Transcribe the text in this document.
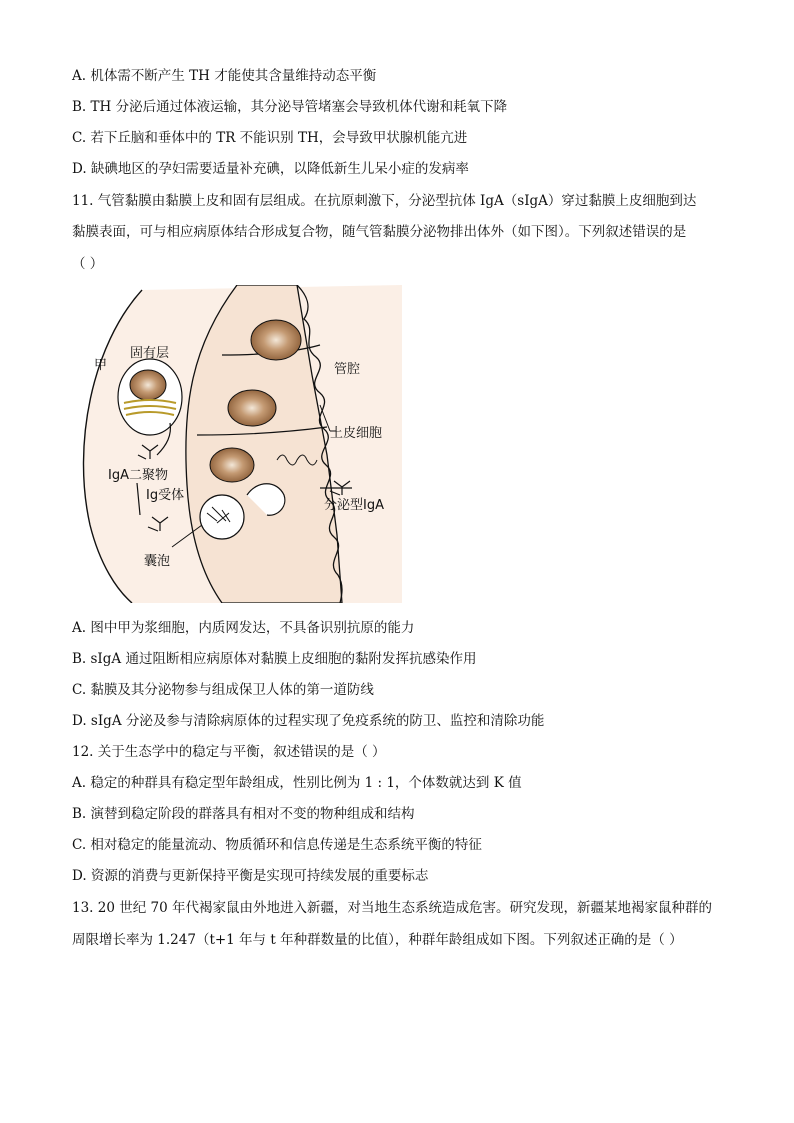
A. 机体需不断产生 TH 才能使其含量维持动态平衡
B. TH 分泌后通过体液运输，其分泌导管堵塞会导致机体代谢和耗氧下降
C. 若下丘脑和垂体中的 TR 不能识别 TH，会导致甲状腺机能亢进
D. 缺碘地区的孕妇需要适量补充碘，以降低新生儿呆小症的发病率
11. 气管黏膜由黏膜上皮和固有层组成。在抗原刺激下，分泌型抗体 IgA（sIgA）穿过黏膜上皮细胞到达
黏膜表面，可与相应病原体结合形成复合物，随气管黏膜分泌物排出体外（如下图）。下列叙述错误的是
（ ）
甲
固有层
管腔
上皮细胞
IgA二聚物
Ig受体
分泌型IgA
囊泡
A. 图中甲为浆细胞，内质网发达，不具备识别抗原的能力
B. sIgA 通过阻断相应病原体对黏膜上皮细胞的黏附发挥抗感染作用
C. 黏膜及其分泌物参与组成保卫人体的第一道防线
D. sIgA 分泌及参与清除病原体的过程实现了免疫系统的防卫、监控和清除功能
12. 关于生态学中的稳定与平衡，叙述错误的是（ ）
A. 稳定的种群具有稳定型年龄组成，性别比例为 1 : 1，个体数就达到 K 值
B. 演替到稳定阶段的群落具有相对不变的物种组成和结构
C. 相对稳定的能量流动、物质循环和信息传递是生态系统平衡的特征
D. 资源的消费与更新保持平衡是实现可持续发展的重要标志
13. 20 世纪 70 年代褐家鼠由外地进入新疆，对当地生态系统造成危害。研究发现，新疆某地褐家鼠种群的
周限增长率为 1.247（t+1 年与 t 年种群数量的比值），种群年龄组成如下图。下列叙述正确的是（ ）
